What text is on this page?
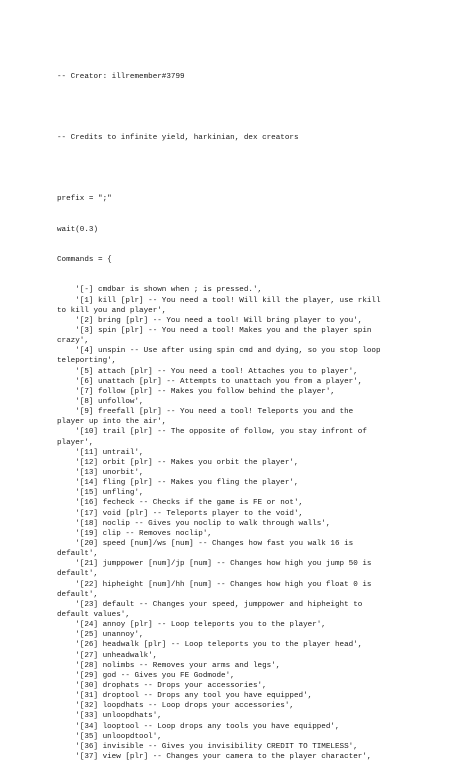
-- Creator: illremember#3799

-- Credits to infinite yield, harkinian, dex creators

prefix = ";"

wait(0.3)

Commands = {

'[-] cmdbar is shown when ; is pressed.',
'[1] kill [plr] -- You need a tool! Will kill the player, use rkill
to kill you and player',
'[2] bring [plr] -- You need a tool! Will bring player to you',
'[3] spin [plr] -- You need a tool! Makes you and the player spin
crazy',
'[4] unspin -- Use after using spin cmd and dying, so you stop loop
teleporting',
'[5] attach [plr] -- You need a tool! Attaches you to player',
'[6] unattach [plr] -- Attempts to unattach you from a player',
'[7] follow [plr] -- Makes you follow behind the player',
'[8] unfollow',
'[9] freefall [plr] -- You need a tool! Teleports you and the
player up into the air',
'[10] trail [plr] -- The opposite of follow, you stay infront of
player',
'[11] untrail',
'[12] orbit [plr] -- Makes you orbit the player',
'[13] unorbit',
'[14] fling [plr] -- Makes you fling the player',
'[15] unfling',
'[16] fecheck -- Checks if the game is FE or not',
'[17] void [plr] -- Teleports player to the void',
'[18] noclip -- Gives you noclip to walk through walls',
'[19] clip -- Removes noclip',
'[20] speed [num]/ws [num] -- Changes how fast you walk 16 is
default',
'[21] jumppower [num]/jp [num] -- Changes how high you jump 50 is
default',
'[22] hipheight [num]/hh [num] -- Changes how high you float 0 is
default',
'[23] default -- Changes your speed, jumppower and hipheight to
default values',
'[24] annoy [plr] -- Loop teleports you to the player',
'[25] unannoy',
'[26] headwalk [plr] -- Loop teleports you to the player head',
'[27] unheadwalk',
'[28] nolimbs -- Removes your arms and legs',
'[29] god -- Gives you FE Godmode',
'[30] drophats -- Drops your accessories',
'[31] droptool -- Drops any tool you have equipped',
'[32] loopdhats -- Loop drops your accessories',
'[33] unloopdhats',
'[34] looptool -- Loop drops any tools you have equipped',
'[35] unloopdtool',
'[36] invisible -- Gives you invisibility CREDIT TO TIMELESS',
'[37] view [plr] -- Changes your camera to the player character',
